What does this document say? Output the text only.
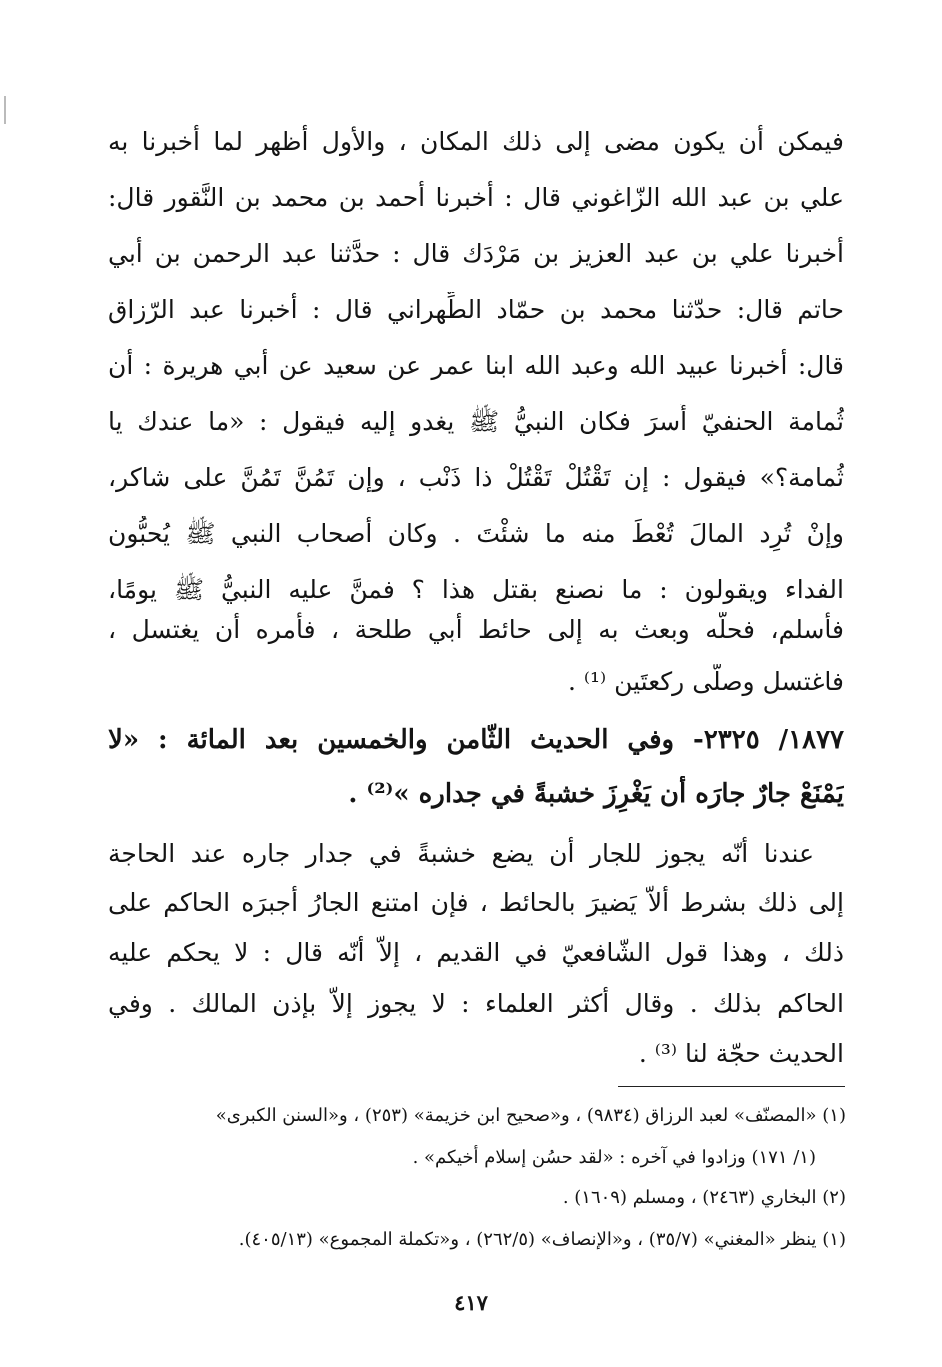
فيمكن أن يكون مضى إلى ذلك المكان ، والأول أظهر لما أخبرنا به
علي بن عبد الله الزّاغوني قال : أخبرنا أحمد بن محمد بن النَّقور قال:
أخبرنا علي بن عبد العزيز بن مَرْدَك قال : حدَّثنا عبد الرحمن بن أبي
حاتم قال: حدّثنا محمد بن حمّاد الطِّهراني قال : أخبرنا عبد الرّزاق
قال: أخبرنا عبيد الله وعبد الله ابنا عمر عن سعيد عن أبي هريرة : أن
ثُمامة الحنفيّ أُسرَ فكان النبيُّ ﷺ يغدو إليه فيقول : «ما عندك يا
ثُمامة؟» فيقول : إن تَقْتُلْ تَقْتُلْ ذا ذَنْب ، وإن تَمُنَّ تَمُنَّ على شاكر،
وإنْ تُرِد المالَ تُعْطَ منه ما شئْتَ . وكان أصحاب النبي ﷺ يُحبُّون
الفداء ويقولون : ما نصنع بقتل هذا ؟ فمنَّ عليه النبيُّ ﷺ يومًا،
فأسلم، فحلَّه وبعث به إلى حائط أبي طلحة ، فأمره أن يغتسل ،
فاغتسل وصلّى ركعتَين ⁽¹⁾ .
١٨٧٧/ ٢٣٢٥- وفي الحديث الثّامن والخمسين بعد المائة : «لا
يَمْنَعْ جارٌ جارَه أن يَغْرِزَ خشبةً في جداره »⁽²⁾ .
عندنا أنّه يجوز للجار أن يضع خشبةً في جدار جاره عند الحاجة
إلى ذلك بشرط ألاّ يَضيرَ بالحائط ، فإن امتنع الجارُ أجبرَه الحاكم على
ذلك ، وهذا قول الشّافعيّ في القديم ، إلاّ أنّه قال : لا يحكم عليه
الحاكم بذلك . وقال أكثر العلماء : لا يجوز إلاّ بإذن المالك . وفي
الحديث حجّة لنا ⁽³⁾ .
(١) «المصنّف» لعبد الرزاق (٩٨٣٤) ، و«صحيح ابن خزيمة» (٢٥٣) ، و«السنن الكبرى»
(١/ ١٧١) وزادوا في آخره : «لقد حسُن إسلام أخيكم» .
(٢) البخاري (٢٤٦٣) ، ومسلم (١٦٠٩) .
(١) ينظر «المغني» (٣٥/٧) ، و«الإنصاف» (٢٦٢/٥) ، و«تكملة المجموع» (٤٠٥/١٣).
٤١٧
